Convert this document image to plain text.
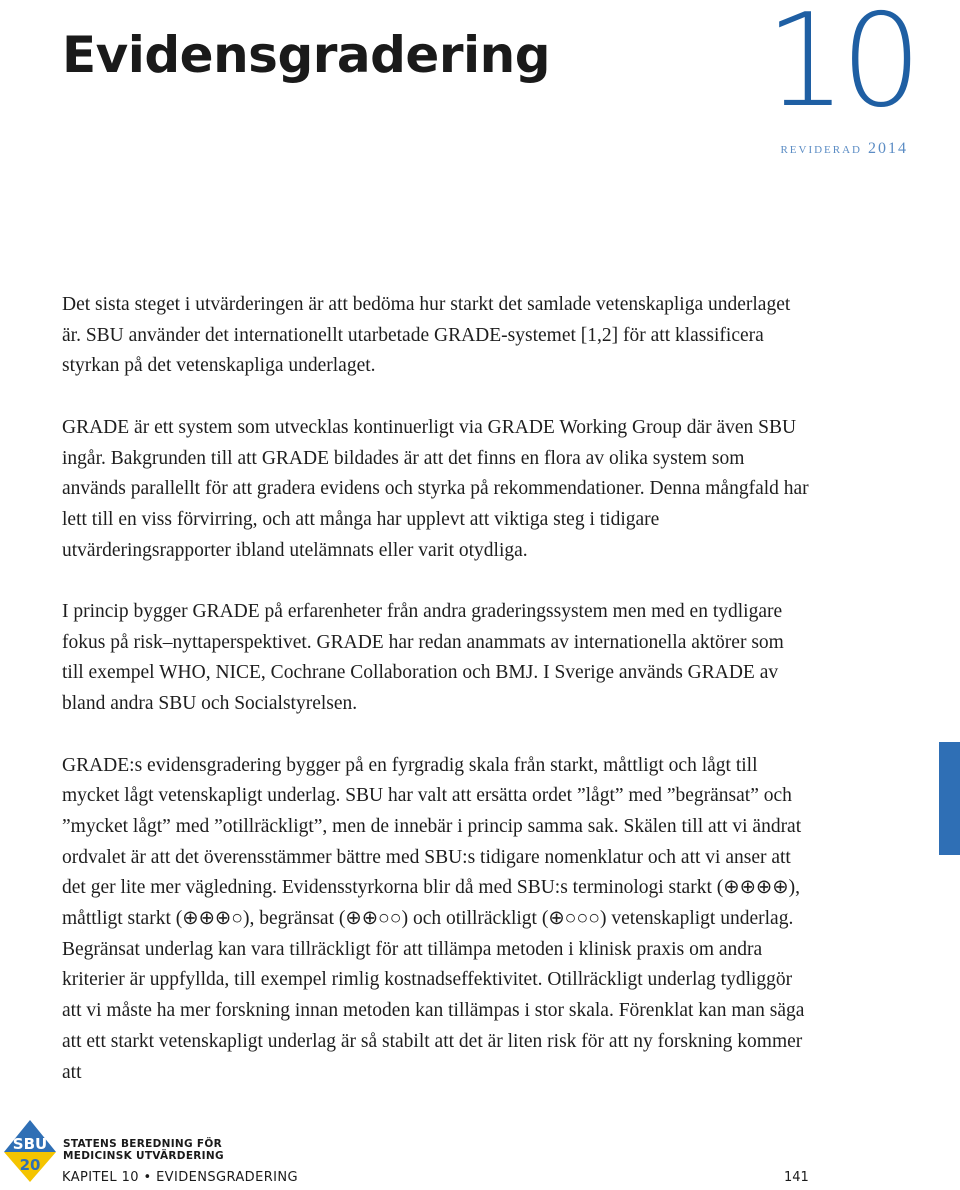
Evidensgradering 10
reviderad 2014

Det sista steget i utvärderingen är att bedöma hur starkt det samlade vetenskapliga underlaget är. SBU använder det internationellt utarbetade GRADE-systemet [1,2] för att klassificera styrkan på det vetenskapliga underlaget.

GRADE är ett system som utvecklas kontinuerligt via GRADE Working Group där även SBU ingår. Bakgrunden till att GRADE bildades är att det finns en flora av olika system som används parallellt för att gradera evidens och styrka på rekommendationer. Denna mångfald har lett till en viss förvirring, och att många har upplevt att viktiga steg i tidigare utvärderingsrapporter ibland utelämnats eller varit otydliga.

I princip bygger GRADE på erfarenheter från andra graderingssystem men med en tydligare fokus på risk–nyttaperspektivet. GRADE har redan anammats av internationella aktörer som till exempel WHO, NICE, Cochrane Collaboration och BMJ. I Sverige används GRADE av bland andra SBU och Socialstyrelsen.

GRADE:s evidensgradering bygger på en fyrgradig skala från starkt, måttligt och lågt till mycket lågt vetenskapligt underlag. SBU har valt att ersätta ordet ”lågt” med ”begränsat” och ”mycket lågt” med ”otillräckligt”, men de innebär i princip samma sak. Skälen till att vi ändrat ordvalet är att det överensstämmer bättre med SBU:s tidigare nomenklatur och att vi anser att det ger lite mer vägledning. Evidensstyrkorna blir då med SBU:s terminologi starkt (⊕⊕⊕⊕), måttligt starkt (⊕⊕⊕○), begränsat (⊕⊕○○) och otillräckligt (⊕○○○) vetenskapligt underlag. Begränsat underlag kan vara tillräckligt för att tillämpa metoden i klinisk praxis om andra kriterier är uppfyllda, till exempel rimlig kostnadseffektivitet. Otillräckligt underlag tydliggör att vi måste ha mer forskning innan metoden kan tillämpas i stor skala. Förenklat kan man säga att ett starkt vetenskapligt underlag är så stabilt att det är liten risk för att ny forskning kommer att

SBU
20
STATENS BEREDNING FÖR
MEDICINSK UTVÄRDERING
KAPITEL 10 • EVIDENSGRADERING	141
